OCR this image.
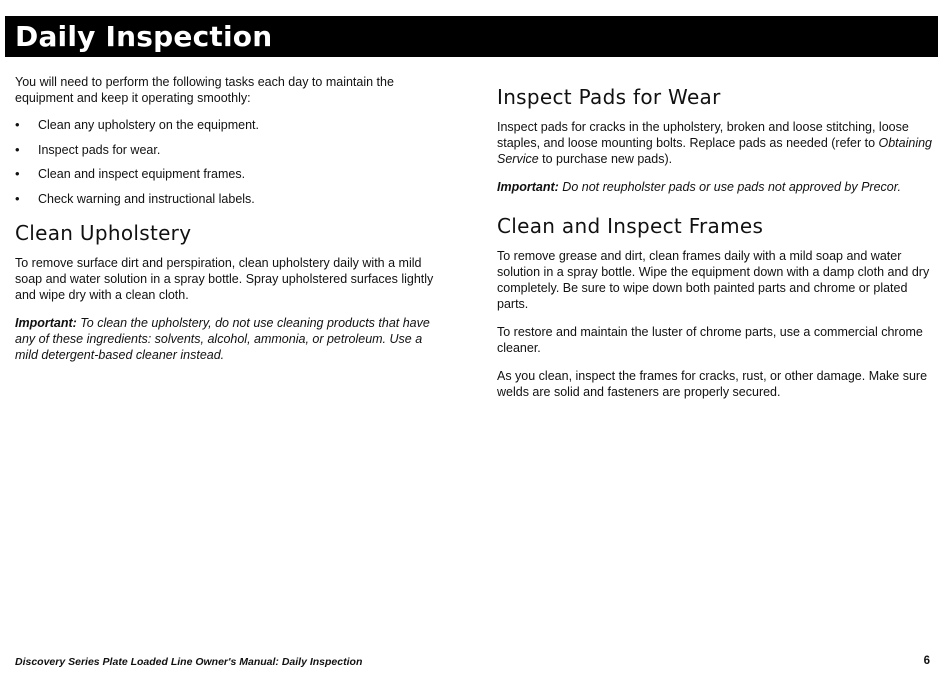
Daily Inspection

You will need to perform the following tasks each day to maintain the equipment and keep it operating smoothly:

• Clean any upholstery on the equipment.
• Inspect pads for wear.
• Clean and inspect equipment frames.
• Check warning and instructional labels.
Clean Upholstery

To remove surface dirt and perspiration, clean upholstery daily with a mild soap and water solution in a spray bottle. Spray upholstered surfaces lightly and wipe dry with a clean cloth.

Important: To clean the upholstery, do not use cleaning products that have any of these ingredients: solvents, alcohol, ammonia, or petroleum. Use a mild detergent-based cleaner instead.

Inspect Pads for Wear

Inspect pads for cracks in the upholstery, broken and loose stitching, loose staples, and loose mounting bolts. Replace pads as needed (refer to Obtaining Service to purchase new pads).

Important: Do not reupholster pads or use pads not approved by Precor.

Clean and Inspect Frames

To remove grease and dirt, clean frames daily with a mild soap and water solution in a spray bottle. Wipe the equipment down with a damp cloth and dry completely. Be sure to wipe down both painted parts and chrome or plated parts.

To restore and maintain the luster of chrome parts, use a commercial chrome cleaner.

As you clean, inspect the frames for cracks, rust, or other damage. Make sure welds are solid and fasteners are properly secured.

Discovery Series Plate Loaded Line Owner's Manual: Daily Inspection	6
